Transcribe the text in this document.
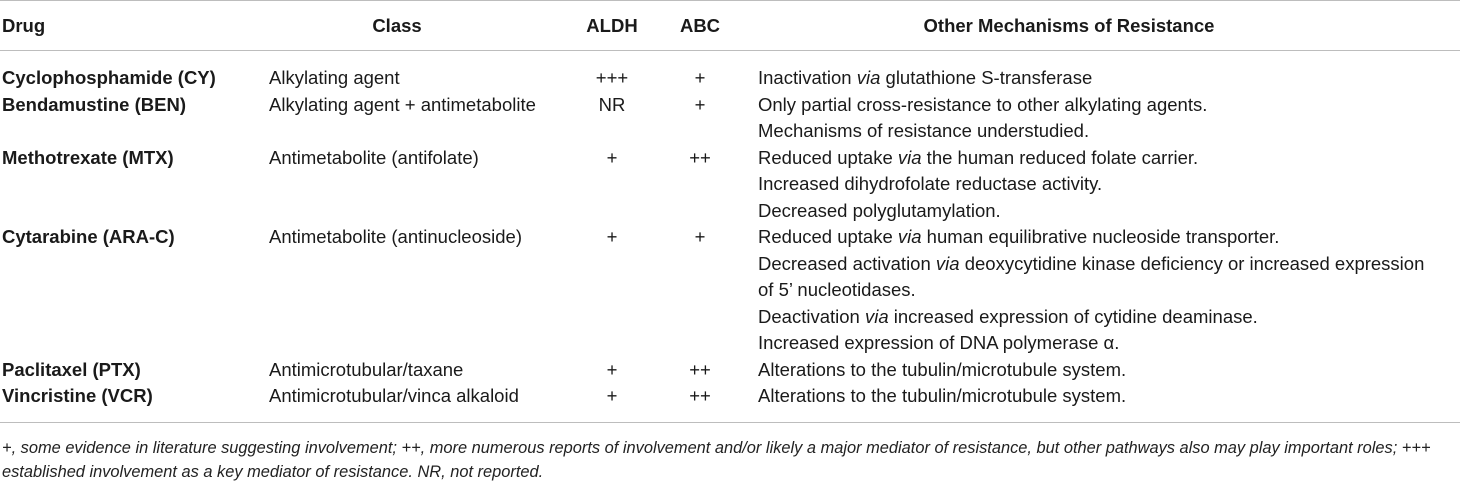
Drug	Class	ALDH	ABC	Other Mechanisms of Resistance
Cyclophosphamide (CY)	Alkylating agent	+++	+	Inactivation via glutathione S-transferase

Bendamustine (BEN)	Alkylating agent + antimetabolite	NR	+	Only partial cross-resistance to other alkylating agents.
Mechanisms of resistance understudied.

Methotrexate (MTX)	Antimetabolite (antifolate)	+	++	Reduced uptake via the human reduced folate carrier.
Increased dihydrofolate reductase activity.
Decreased polyglutamylation.

Cytarabine (ARA-C)	Antimetabolite (antinucleoside)	+	+	Reduced uptake via human equilibrative nucleoside transporter.
Decreased activation via deoxycytidine kinase deficiency or increased expression
of 5’ nucleotidases.
Deactivation via increased expression of cytidine deaminase.
Increased expression of DNA polymerase α.

Paclitaxel (PTX)	Antimicrotubular/taxane	+	++	Alterations to the tubulin/microtubule system.

Vincristine (VCR)	Antimicrotubular/vinca alkaloid	+	++	Alterations to the tubulin/microtubule system.

+, some evidence in literature suggesting involvement; ++, more numerous reports of involvement and/or likely a major mediator of resistance, but other pathways also may play important roles; +++ established involvement as a key mediator of resistance. NR, not reported.
